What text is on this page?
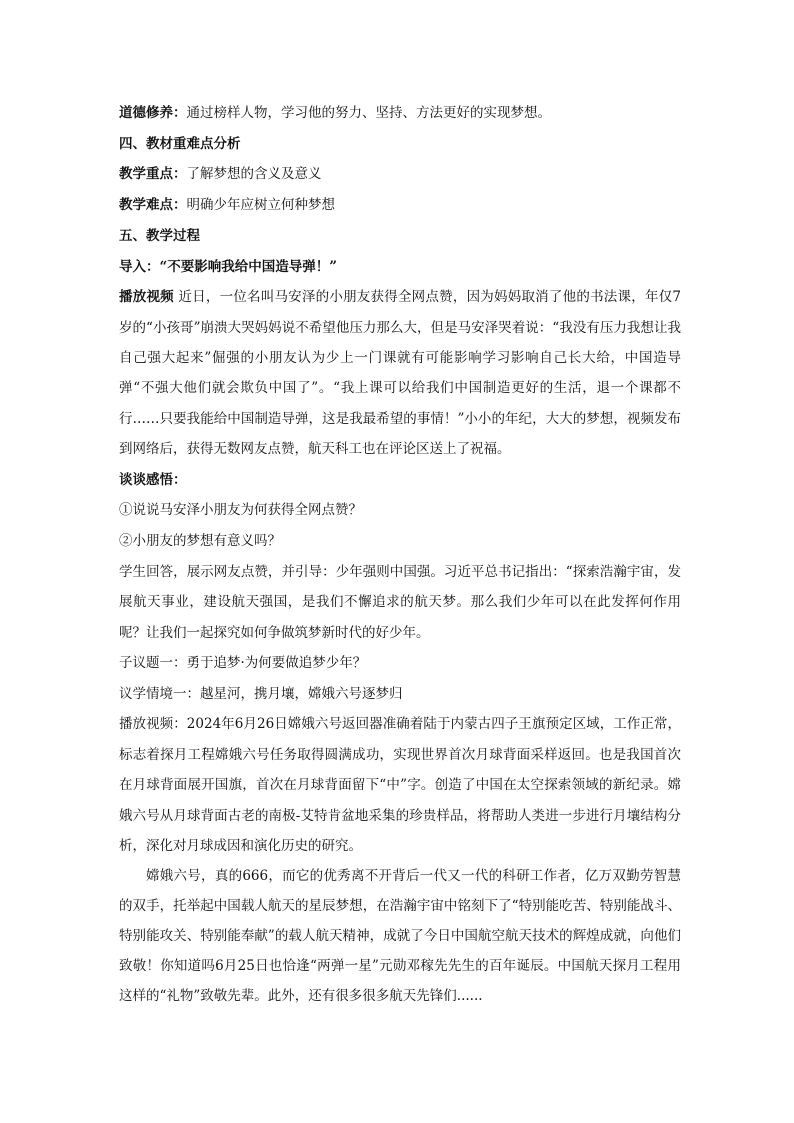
道德修养：通过榜样人物，学习他的努力、坚持、方法更好的实现梦想。

四、教材重难点分析

教学重点：了解梦想的含义及意义

教学难点：明确少年应树立何种梦想

五、教学过程

导入：“不要影响我给中国造导弹！”

播放视频 近日，一位名叫马安泽的小朋友获得全网点赞，因为妈妈取消了他的书法课，年仅7岁的“小孩哥”崩溃大哭妈妈说不希望他压力那么大，但是马安泽哭着说：“我没有压力我想让我自己强大起来”倔强的小朋友认为少上一门课就有可能影响学习影响自己长大给，中国造导弹“不强大他们就会欺负中国了”。“我上课可以给我们中国制造更好的生活，退一个课都不行……只要我能给中国制造导弹，这是我最希望的事情！”小小的年纪，大大的梦想，视频发布到网络后，获得无数网友点赞，航天科工也在评论区送上了祝福。

谈谈感悟：

①说说马安泽小朋友为何获得全网点赞？

②小朋友的梦想有意义吗？

学生回答，展示网友点赞，并引导：少年强则中国强。习近平总书记指出：“探索浩瀚宇宙，发展航天事业，建设航天强国，是我们不懈追求的航天梦。那么我们少年可以在此发挥何作用呢？让我们一起探究如何争做筑梦新时代的好少年。

子议题一：勇于追梦·为何要做追梦少年？

议学情境一：越星河，携月壤，嫦娥六号逐梦归

播放视频：2024年6月26日嫦娥六号返回器准确着陆于内蒙古四子王旗预定区域，工作正常，标志着探月工程嫦娥六号任务取得圆满成功，实现世界首次月球背面采样返回。也是我国首次在月球背面展开国旗，首次在月球背面留下“中”字。创造了中国在太空探索领域的新纪录。嫦娥六号从月球背面古老的南极-艾特肯盆地采集的珍贵样品，将帮助人类进一步进行月壤结构分析，深化对月球成因和演化历史的研究。

嫦娥六号，真的666，而它的优秀离不开背后一代又一代的科研工作者，亿万双勤劳智慧的双手，托举起中国载人航天的星辰梦想，在浩瀚宇宙中铭刻下了“特别能吃苦、特别能战斗、特别能攻关、特别能奉献”的载人航天精神，成就了今日中国航空航天技术的辉煌成就，向他们致敬！你知道吗6月25日也恰逢“两弹一星”元勋邓稼先先生的百年诞辰。中国航天探月工程用这样的“礼物”致敬先辈。此外，还有很多很多航天先锋们......
